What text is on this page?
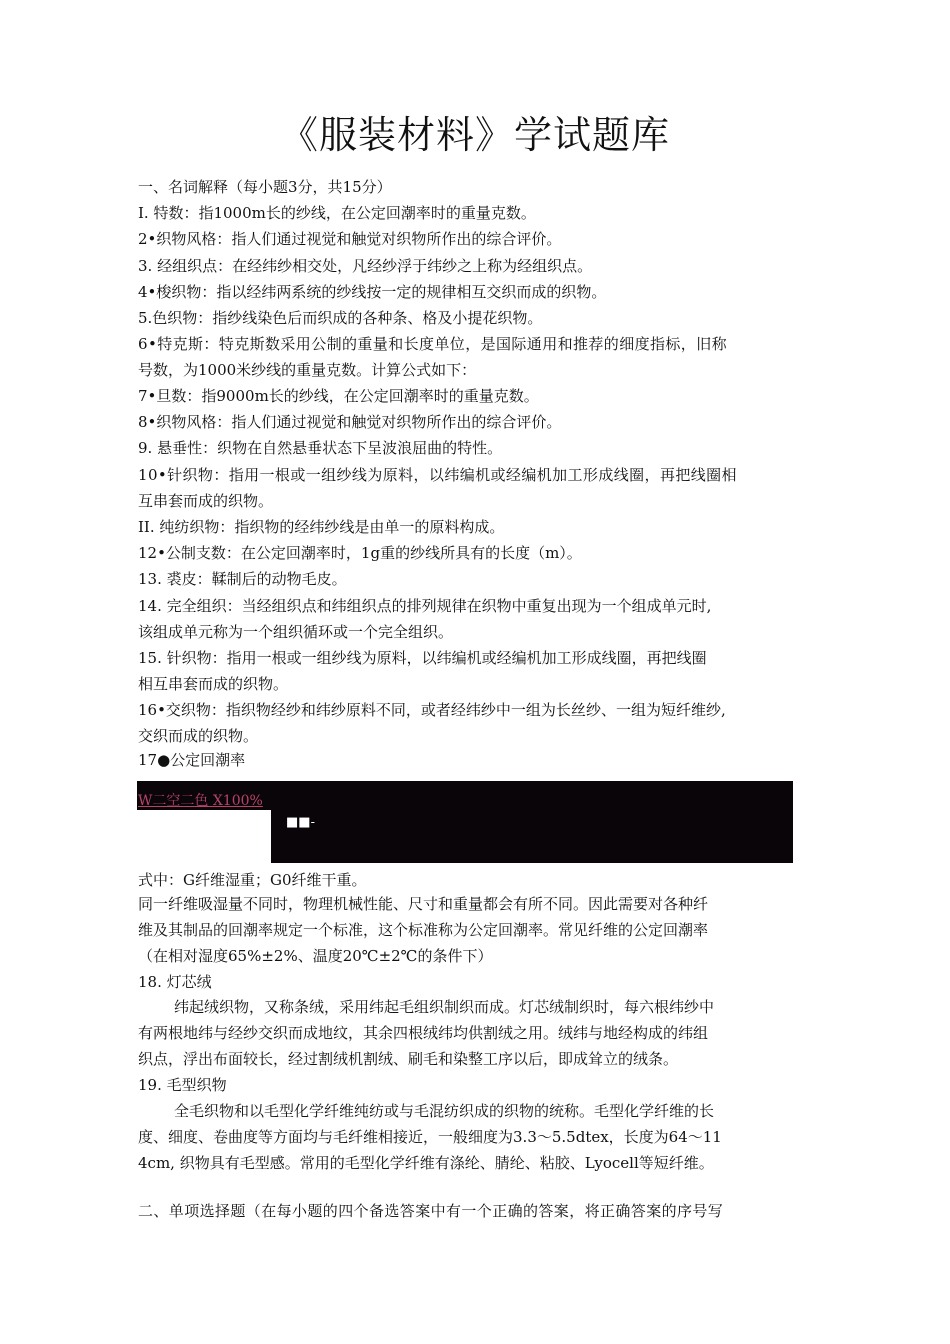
《服装材料》学试题库
一、名词解释（每小题3分，共15分）
I. 特数：指1000m长的纱线，在公定回潮率时的重量克数。
2•织物风格：指人们通过视觉和触觉对织物所作出的综合评价。
3. 经组织点：在经纬纱相交处，凡经纱浮于纬纱之上称为经组织点。
4•梭织物：指以经纬两系统的纱线按一定的规律相互交织而成的织物。
5.色织物：指纱线染色后而织成的各种条、格及小提花织物。
6•特克斯：特克斯数采用公制的重量和长度单位，是国际通用和推荐的细度指标，旧称
号数，为1000米纱线的重量克数。计算公式如下：
7•旦数：指9000m长的纱线，在公定回潮率时的重量克数。
8•织物风格：指人们通过视觉和触觉对织物所作出的综合评价。
9. 悬垂性：织物在自然悬垂状态下呈波浪屈曲的特性。
10•针织物：指用一根或一组纱线为原料，以纬编机或经编机加工形成线圈，再把线圈相
互串套而成的织物。
II. 纯纺织物：指织物的经纬纱线是由单一的原料构成。
12•公制支数：在公定回潮率时，1g重的纱线所具有的长度（m）。
13. 裘皮：鞣制后的动物毛皮。
14. 完全组织：当经组织点和纬组织点的排列规律在织物中重复出现为一个组成单元时,
该组成单元称为一个组织循环或一个完全组织。
15. 针织物：指用一根或一组纱线为原料，以纬编机或经编机加工形成线圈，再把线圈
相互串套而成的织物。
16•交织物：指织物经纱和纬纱原料不同，或者经纬纱中一组为长丝纱、一组为短纤维纱,
交织而成的织物。
17●公定回潮率
W二空二色 X100%
■■-
式中：G纤维湿重；G0纤维干重。
同一纤维吸湿量不同时，物理机械性能、尺寸和重量都会有所不同。因此需要对各种纤
维及其制品的回潮率规定一个标准，这个标准称为公定回潮率。常见纤维的公定回潮率
（在相对湿度65%±2%、温度20℃±2℃的条件下）
18. 灯芯绒
纬起绒织物，又称条绒，采用纬起毛组织制织而成。灯芯绒制织时，每六根纬纱中
有两根地纬与经纱交织而成地纹，其余四根绒纬均供割绒之用。绒纬与地经构成的纬组
织点，浮出布面较长，经过割绒机割绒、刷毛和染整工序以后，即成耸立的绒条。
19. 毛型织物
全毛织物和以毛型化学纤维纯纺或与毛混纺织成的织物的统称。毛型化学纤维的长
度、细度、卷曲度等方面均与毛纤维相接近，一般细度为3.3〜5.5dtex，长度为64〜11
4cm, 织物具有毛型感。常用的毛型化学纤维有涤纶、腈纶、粘胶、Lyocell等短纤维。
二、单项选择题（在每小题的四个备选答案中有一个正确的答案，将正确答案的序号写
